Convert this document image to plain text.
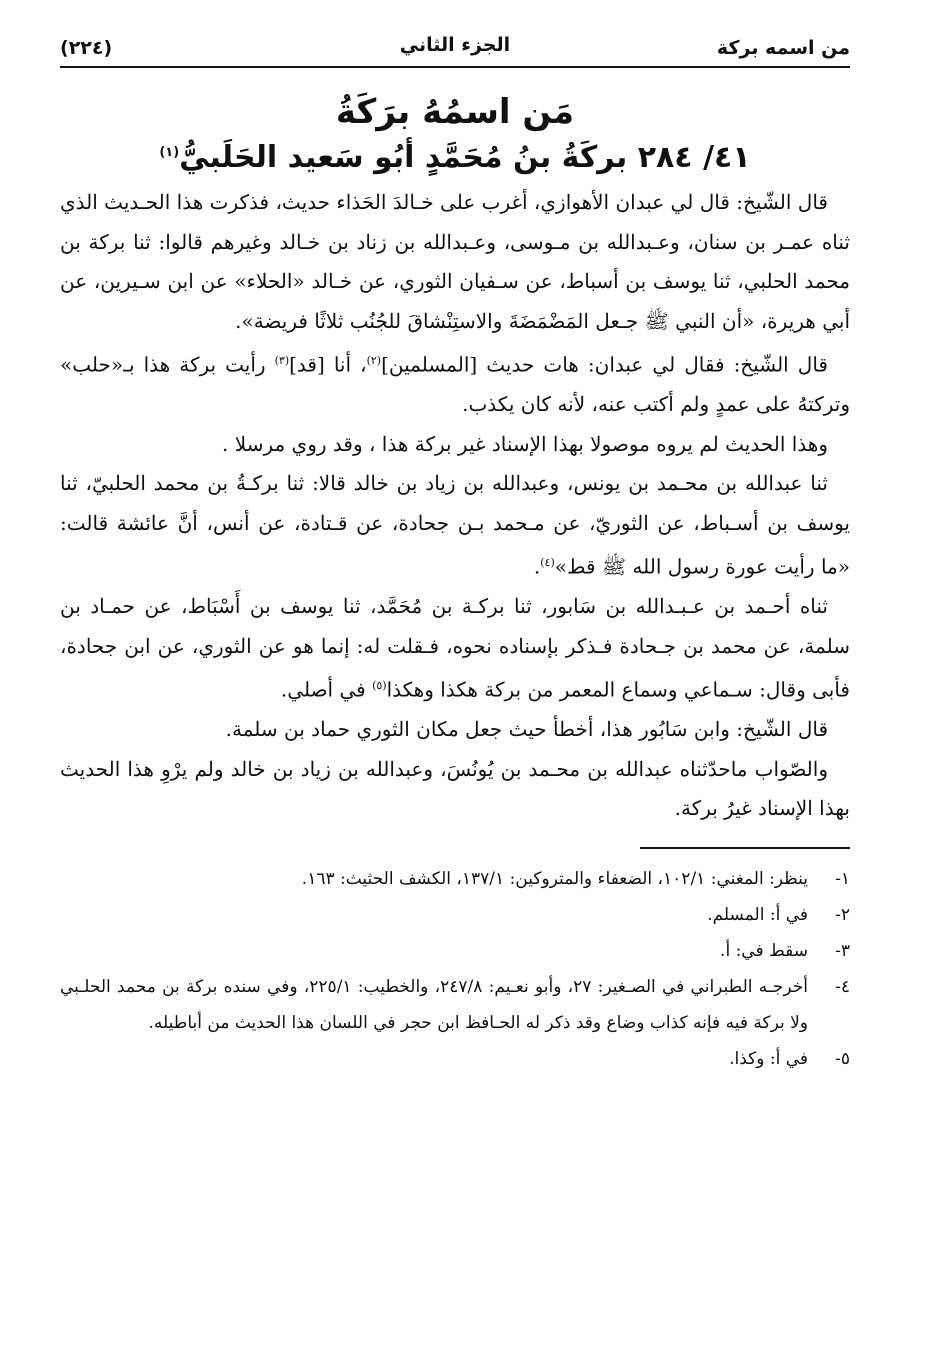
من اسمه بركة
(٢٢٤)	الجزء الثاني
مَن اسمُهُ برَكَةُ
٤١/ ٢٨٤ بركَةُ بنُ مُحَمَّدٍ أبُو سَعيد الحَلَبيُّ$^{(١)}$

قال الشّيخ: قال لي عبدان الأهوازي، أغرب على خـالدَ الحَذاء حديث، فذكرت هذا الحـديث الذي ثناه عمـر بن سنان، وعـبدالله بن مـوسى، وعـبدالله بن زناد بن خـالد وغيرهم قالوا: ثنا بركة بن محمد الحلبي، ثنا يوسف بن أسباط، عن سـفيان الثوري، عن خـالد «الحلاء» عن ابن سـيرين، عن أبي هريرة، «أن النبي ﷺ جـعل المَضْمَضَةَ والاستِنْشاقَ للجُنُب ثلاثًا فريضة».

قال الشّيخ: فقال لي عبدان: هات حديث [المسلمين]$^{(٢)}$، أنا [قد]$^{(٣)}$ رأيت بركة هذا بـ«حلب» وتركتهُ على عمدٍ ولم أكتب عنه، لأنه كان يكذب.

وهذا الحديث لم يروه موصولا بهذا الإسناد غير بركة هذا ، وقد روي مرسلا .

ثنا عبدالله بن محـمد بن يونس، وعبدالله بن زياد بن خالد قالا: ثنا بركـةُ بن محمد الحلبيّ، ثنا يوسف بن أسـباط، عن الثوريّ، عن مـحمد بـن جحادة، عن قـتادة، عن أنس، أنَّ عائشة قالت: «ما رأيت عورة رسول الله ﷺ قط»$^{(٤)}$.

ثناه أحـمد بن عـبـدالله بن سَابور، ثنا بركـة بن مُحَمَّد، ثنا يوسف بن أَسْبَاط، عن حمـاد بن سلمة، عن محمد بن جـحادة فـذكر بإسناده نحوه، فـقلت له: إنما هو عن الثوري، عن ابن جحادة، فأبى وقال: سـماعي وسماع المعمر من بركة هكذا وهكذا$^{(٥)}$ في أصلي.

قال الشّيخ: وابن سَابُور هذا، أخطأ حيث جعل مكان الثوري حماد بن سلمة.

والصّواب ماحدّثناه عبدالله بن محـمد بن يُونُسَ، وعبدالله بن زياد بن خالد ولم يرْوِ هذا الحديث بهذا الإسناد غيرُ بركة.

١-
ينظر: المغني: ١٠٢/١، الضعفاء والمتروكين: ١٣٧/١، الكشف الحثيث: ١٦٣.
٢-
في أ: المسلم.
٣-
سقط في: أ.
٤-
أخرجـه الطبراني في الصـغير: ٢٧، وأبو نعـيم: ٢٤٧/٨، والخطيب: ٢٢٥/١، وفي سنده بركة بن محمد الحلـبي ولا بركة فيه فإنه كذاب وضاع وقد ذكر له الحـافظ ابن حجر في اللسان هذا الحديث من أباطيله.
٥-
في أ: وكذا.
